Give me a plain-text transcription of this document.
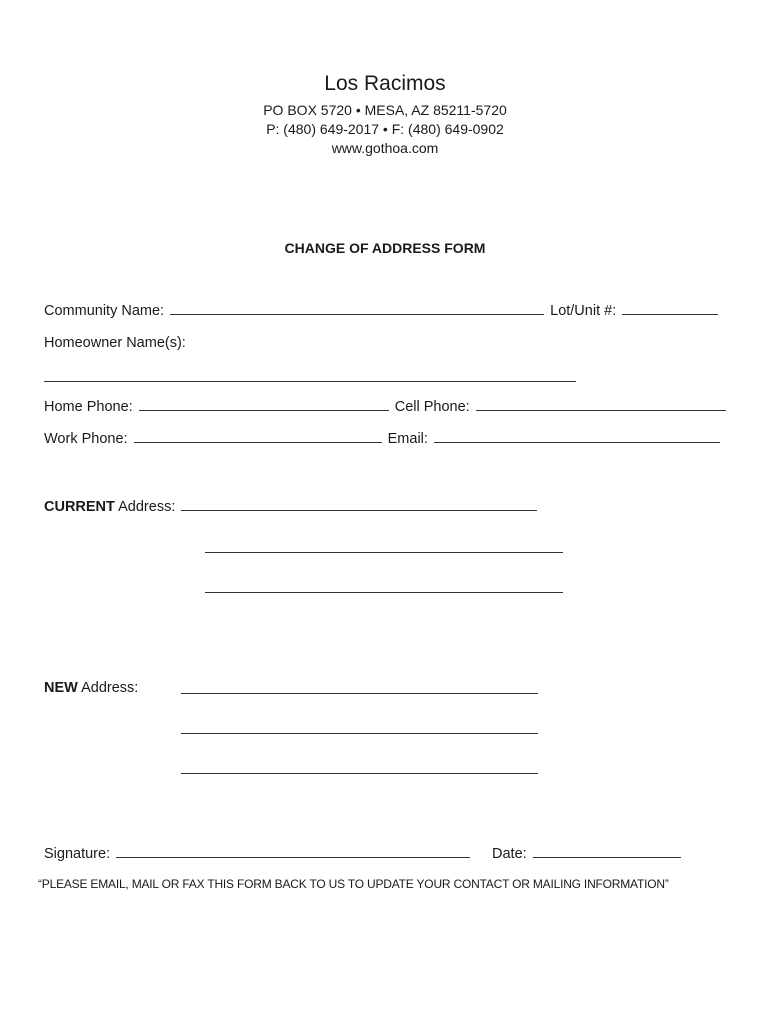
Los Racimos
PO BOX 5720 • MESA, AZ 85211-5720
P: (480) 649-2017 • F: (480) 649-0902
www.gothoa.com
CHANGE OF ADDRESS FORM
Community Name:	Lot/Unit #:
Homeowner Name(s):
Home Phone:	Cell Phone:
Work Phone:	Email:
CURRENT Address:
NEW Address:
Signature:	Date:
“PLEASE EMAIL, MAIL OR FAX THIS FORM BACK TO US TO UPDATE YOUR CONTACT OR MAILING INFORMATION”
